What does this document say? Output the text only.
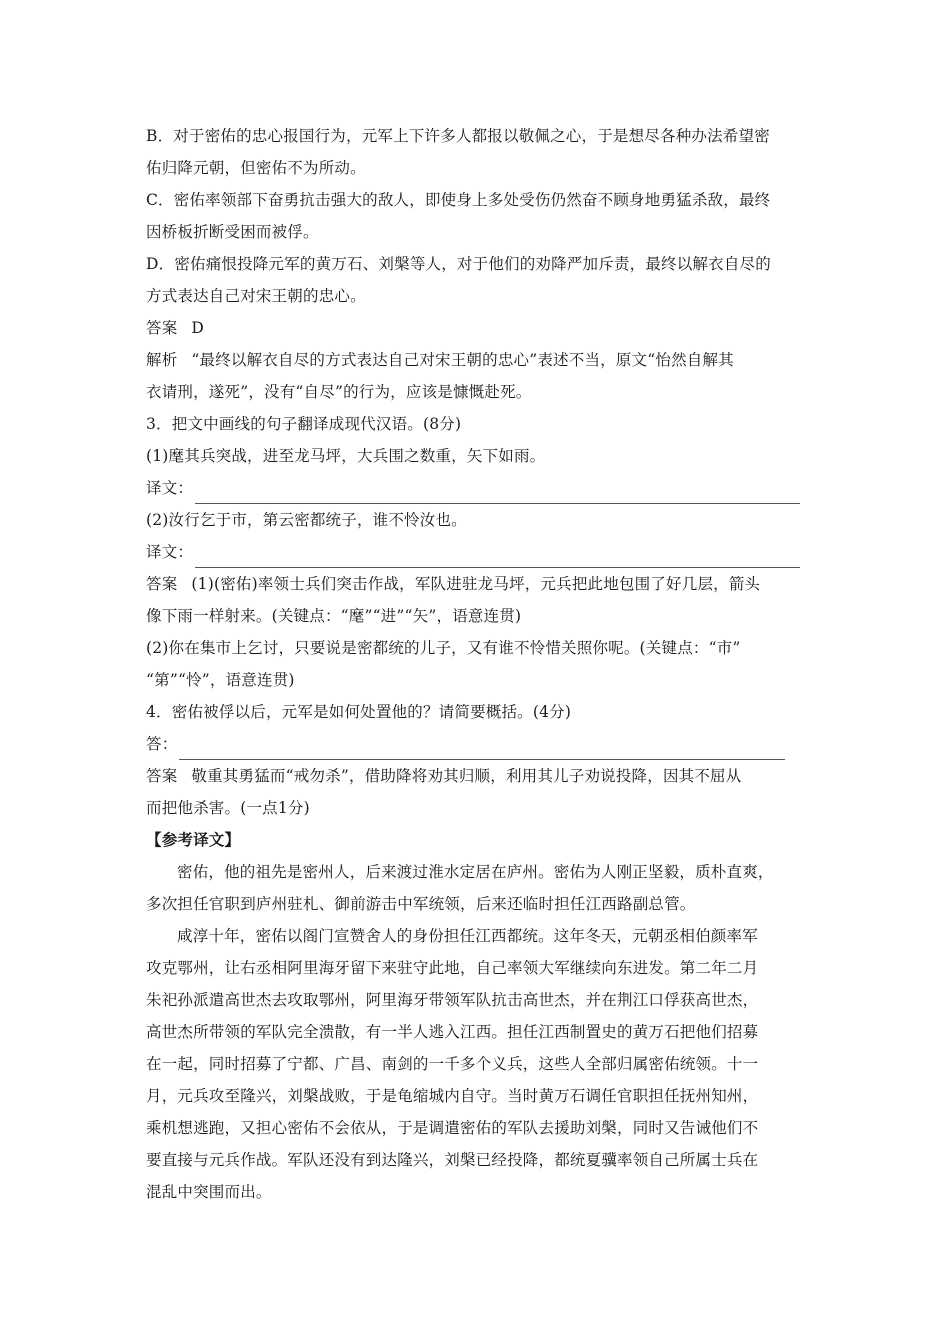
B．对于密佑的忠心报国行为，元军上下许多人都报以敬佩之心，于是想尽各种办法希望密
佑归降元朝，但密佑不为所动。
C．密佑率领部下奋勇抗击强大的敌人，即使身上多处受伤仍然奋不顾身地勇猛杀敌，最终
因桥板折断受困而被俘。
D．密佑痛恨投降元军的黄万石、刘槃等人，对于他们的劝降严加斥责，最终以解衣自尽的
方式表达自己对宋王朝的忠心。
答案 D
解析 “最终以解衣自尽的方式表达自己对宋王朝的忠心”表述不当，原文“怡然自解其
衣请刑，遂死”，没有“自尽”的行为，应该是慷慨赴死。
3．把文中画线的句子翻译成现代汉语。(8分)
(1)麾其兵突战，进至龙马坪，大兵围之数重，矢下如雨。
译文：
(2)汝行乞于市，第云密都统子，谁不怜汝也。
译文：
答案 (1)(密佑)率领士兵们突击作战，军队进驻龙马坪，元兵把此地包围了好几层，箭头
像下雨一样射来。(关键点：“麾”“进”“矢”，语意连贯)
(2)你在集市上乞讨，只要说是密都统的儿子，又有谁不怜惜关照你呢。(关键点：“市”
“第”“怜”，语意连贯)
4．密佑被俘以后，元军是如何处置他的？请简要概括。(4分)
答：
答案 敬重其勇猛而“戒勿杀”，借助降将劝其归顺，利用其儿子劝说投降，因其不屈从
而把他杀害。(一点1分)
【参考译文】
密佑，他的祖先是密州人，后来渡过淮水定居在庐州。密佑为人刚正坚毅，质朴直爽，
多次担任官职到庐州驻札、御前游击中军统领，后来还临时担任江西路副总管。
咸淳十年，密佑以阁门宣赞舍人的身份担任江西都统。这年冬天，元朝丞相伯颜率军
攻克鄂州，让右丞相阿里海牙留下来驻守此地，自己率领大军继续向东进发。第二年二月
朱祀孙派遣高世杰去攻取鄂州，阿里海牙带领军队抗击高世杰，并在荆江口俘获高世杰，
高世杰所带领的军队完全溃散，有一半人逃入江西。担任江西制置史的黄万石把他们招募
在一起，同时招募了宁都、广昌、南剑的一千多个义兵，这些人全部归属密佑统领。十一
月，元兵攻至隆兴，刘槃战败，于是龟缩城内自守。当时黄万石调任官职担任抚州知州，
乘机想逃跑，又担心密佑不会依从，于是调遣密佑的军队去援助刘槃，同时又告诫他们不
要直接与元兵作战。军队还没有到达隆兴，刘槃已经投降，都统夏骥率领自己所属士兵在
混乱中突围而出。
